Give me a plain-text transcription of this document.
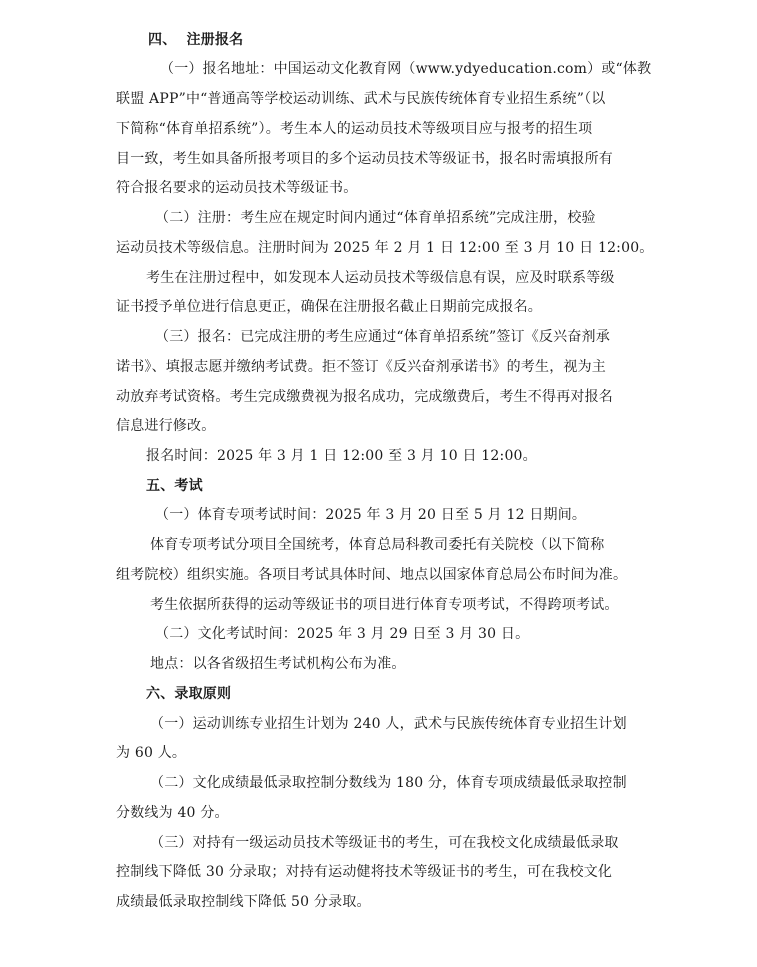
四、  注册报名
（一）报名地址：中国运动文化教育网（www.ydyeducation.com）或“体教
联盟 APP”中“普通高等学校运动训练、武术与民族传统体育专业招生系统”（以
下简称“体育单招系统”）。考生本人的运动员技术等级项目应与报考的招生项
目一致，考生如具备所报考项目的多个运动员技术等级证书，报名时需填报所有
符合报名要求的运动员技术等级证书。
（二）注册：考生应在规定时间内通过“体育单招系统”完成注册，校验
运动员技术等级信息。注册时间为 2025 年 2 月 1 日 12:00 至 3 月 10 日 12:00。
考生在注册过程中，如发现本人运动员技术等级信息有误，应及时联系等级
证书授予单位进行信息更正，确保在注册报名截止日期前完成报名。
（三）报名：已完成注册的考生应通过“体育单招系统”签订《反兴奋剂承
诺书》、填报志愿并缴纳考试费。拒不签订《反兴奋剂承诺书》的考生，视为主
动放弃考试资格。考生完成缴费视为报名成功，完成缴费后，考生不得再对报名
信息进行修改。
报名时间：2025 年 3 月 1 日 12:00 至 3 月 10 日 12:00。
五、考试
（一）体育专项考试时间：2025 年 3 月 20 日至 5 月 12 日期间。
体育专项考试分项目全国统考，体育总局科教司委托有关院校（以下简称
组考院校）组织实施。各项目考试具体时间、地点以国家体育总局公布时间为准。
考生依据所获得的运动等级证书的项目进行体育专项考试，不得跨项考试。
（二）文化考试时间：2025 年 3 月 29 日至 3 月 30 日。
地点：以各省级招生考试机构公布为准。
六、录取原则
（一）运动训练专业招生计划为 240 人，武术与民族传统体育专业招生计划
为 60 人。
（二）文化成绩最低录取控制分数线为 180 分，体育专项成绩最低录取控制
分数线为 40 分。
（三）对持有一级运动员技术等级证书的考生，可在我校文化成绩最低录取
控制线下降低 30 分录取；对持有运动健将技术等级证书的考生，可在我校文化
成绩最低录取控制线下降低 50 分录取。
